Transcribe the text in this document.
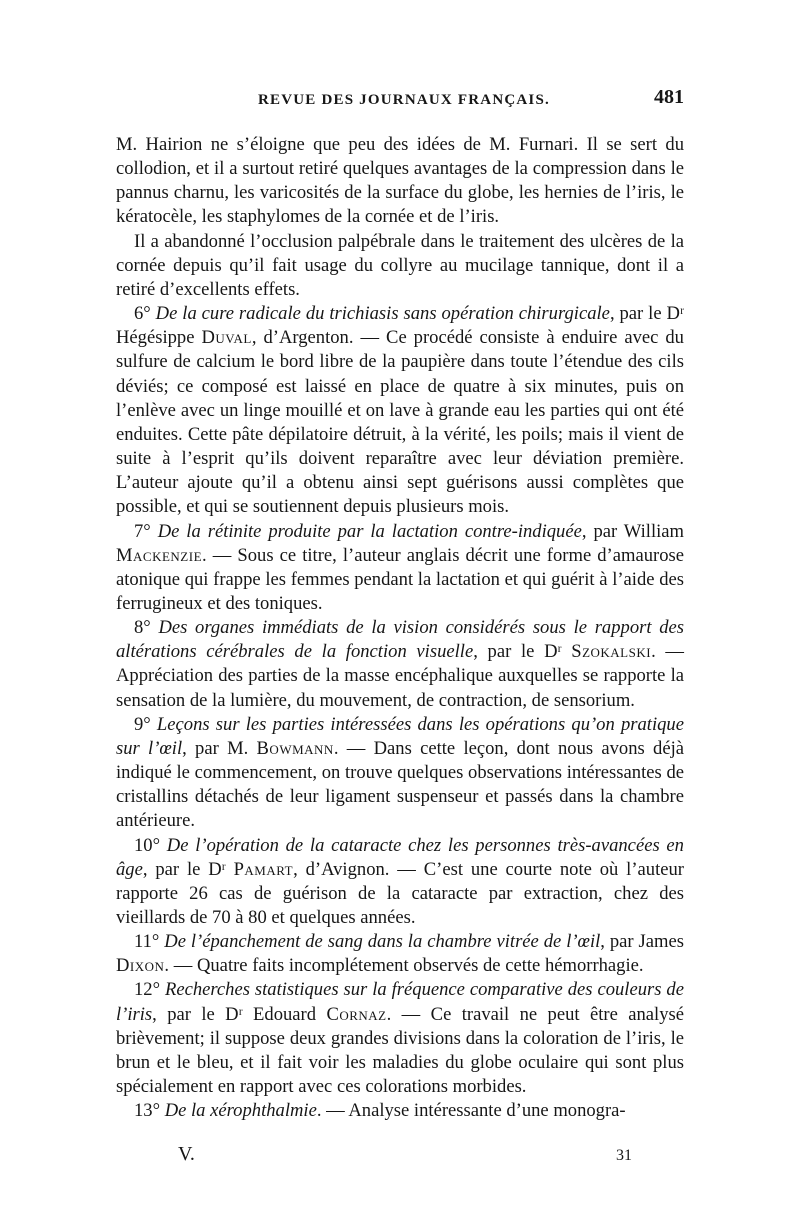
REVUE DES JOURNAUX FRANÇAIS.	481

M. Hairion ne s’éloigne que peu des idées de M. Furnari. Il se sert du collodion, et il a surtout retiré quelques avantages de la compression dans le pannus charnu, les varicosités de la surface du globe, les hernies de l’iris, le kératocèle, les staphylomes de la cornée et de l’iris.

Il a abandonné l’occlusion palpébrale dans le traitement des ulcères de la cornée depuis qu’il fait usage du collyre au mucilage tannique, dont il a retiré d’excellents effets.

6° De la cure radicale du trichiasis sans opération chirurgicale, par le Dʳ Hégésippe Duval, d’Argenton. — Ce procédé consiste à enduire avec du sulfure de calcium le bord libre de la paupière dans toute l’étendue des cils déviés; ce composé est laissé en place de quatre à six minutes, puis on l’enlève avec un linge mouillé et on lave à grande eau les parties qui ont été enduites. Cette pâte dépilatoire détruit, à la vérité, les poils; mais il vient de suite à l’esprit qu’ils doivent reparaître avec leur déviation première. L’auteur ajoute qu’il a obtenu ainsi sept guérisons aussi complètes que possible, et qui se soutiennent depuis plusieurs mois.

7° De la rétinite produite par la lactation contre-indiquée, par William Mackenzie. — Sous ce titre, l’auteur anglais décrit une forme d’amaurose atonique qui frappe les femmes pendant la lactation et qui guérit à l’aide des ferrugineux et des toniques.

8° Des organes immédiats de la vision considérés sous le rapport des altérations cérébrales de la fonction visuelle, par le Dʳ Szokalski. — Appréciation des parties de la masse encéphalique auxquelles se rapporte la sensation de la lumière, du mouvement, de contraction, de sensorium.

9° Leçons sur les parties intéressées dans les opérations qu’on pratique sur l’œil, par M. Bowmann. — Dans cette leçon, dont nous avons déjà indiqué le commencement, on trouve quelques observations intéressantes de cristallins détachés de leur ligament suspenseur et passés dans la chambre antérieure.

10° De l’opération de la cataracte chez les personnes très-avancées en âge, par le Dʳ Pamart, d’Avignon. — C’est une courte note où l’auteur rapporte 26 cas de guérison de la cataracte par extraction, chez des vieillards de 70 à 80 et quelques années.

11° De l’épanchement de sang dans la chambre vitrée de l’œil, par James Dixon. — Quatre faits incomplétement observés de cette hémorrhagie.

12° Recherches statistiques sur la fréquence comparative des couleurs de l’iris, par le Dʳ Edouard Cornaz. — Ce travail ne peut être analysé brièvement; il suppose deux grandes divisions dans la coloration de l’iris, le brun et le bleu, et il fait voir les maladies du globe oculaire qui sont plus spécialement en rapport avec ces colorations morbides.

13° De la xérophthalmie. — Analyse intéressante d’une monogra-

V.	31
